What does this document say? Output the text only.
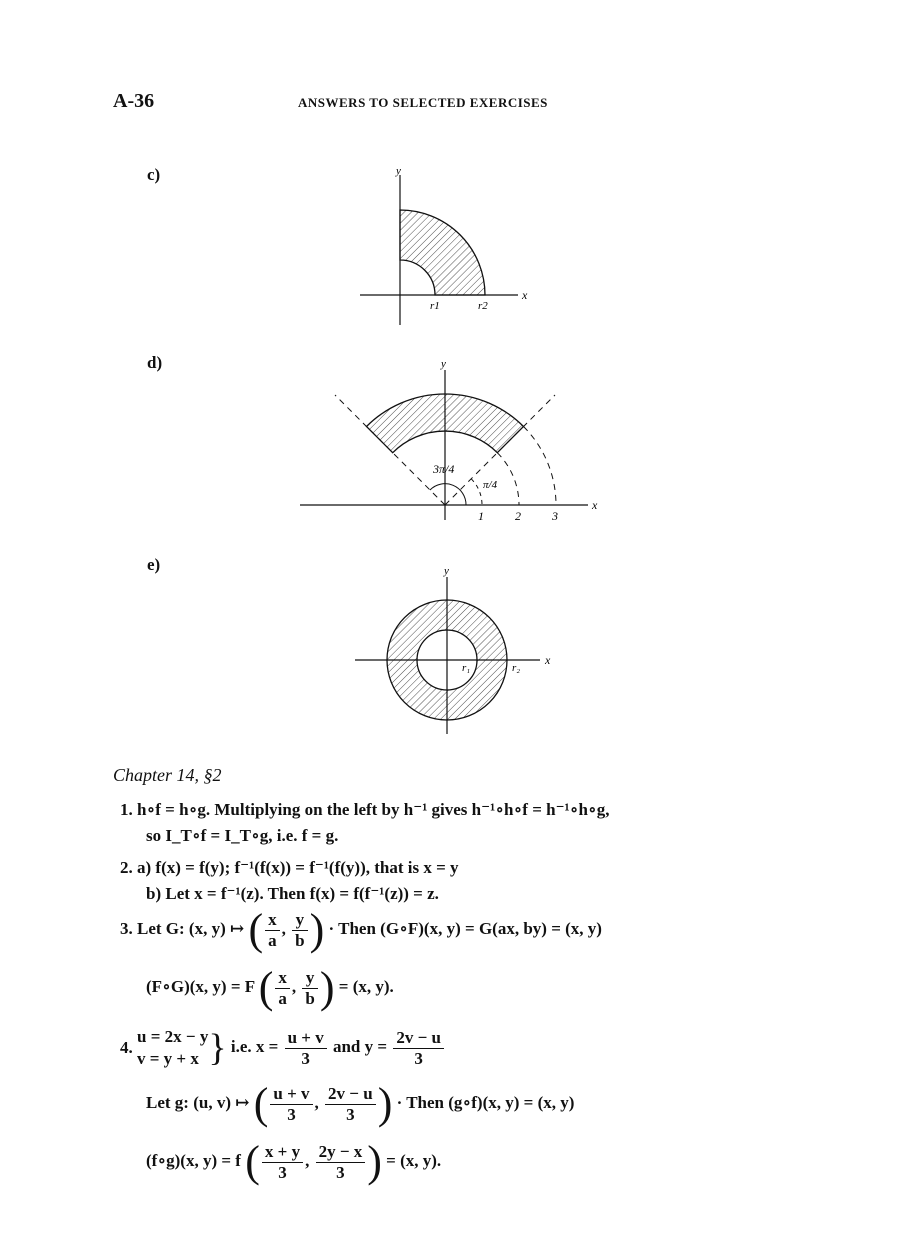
A-36	ANSWERS TO SELECTED EXERCISES
c)	y
x
r1	r2
d)
3π/4
π/4
1	2	3
y
x
e)	y
x
r₁	r₂
Chapter 14, §2
1. h∘f = h∘g. Multiplying on the left by h⁻¹ gives h⁻¹∘h∘f = h⁻¹∘h∘g,
so I_T∘f = I_T∘g, i.e. f = g.
2. a) f(x) = f(y); f⁻¹(f(x)) = f⁻¹(f(y)), that is x = y
b) Let x = f⁻¹(z). Then f(x) = f(f⁻¹(z)) = z.
3. Let G: (x, y) ↦ ( $\frac{x}{a}$ , $\frac{y}{b}$ ) · Then (G∘F)(x, y) = G(ax, by) = (x, y)
(F∘G)(x, y) = F ( $\frac{x}{a}$ , $\frac{y}{b}$ ) = (x, y).
4.
u = 2x − y
v = y + x } i.e. $x = \frac{u + v}{3}$ and $y = \frac{2v - u}{3}$
Let g: (u, v) ↦ ( $\frac{u + v}{3}$ , $\frac{2v - u}{3}$ ) · Then (g∘f)(x, y) = (x, y)
(f∘g)(x, y) = f ( $\frac{x + y}{3}$ , $\frac{2y - x}{3}$ ) = (x, y).
